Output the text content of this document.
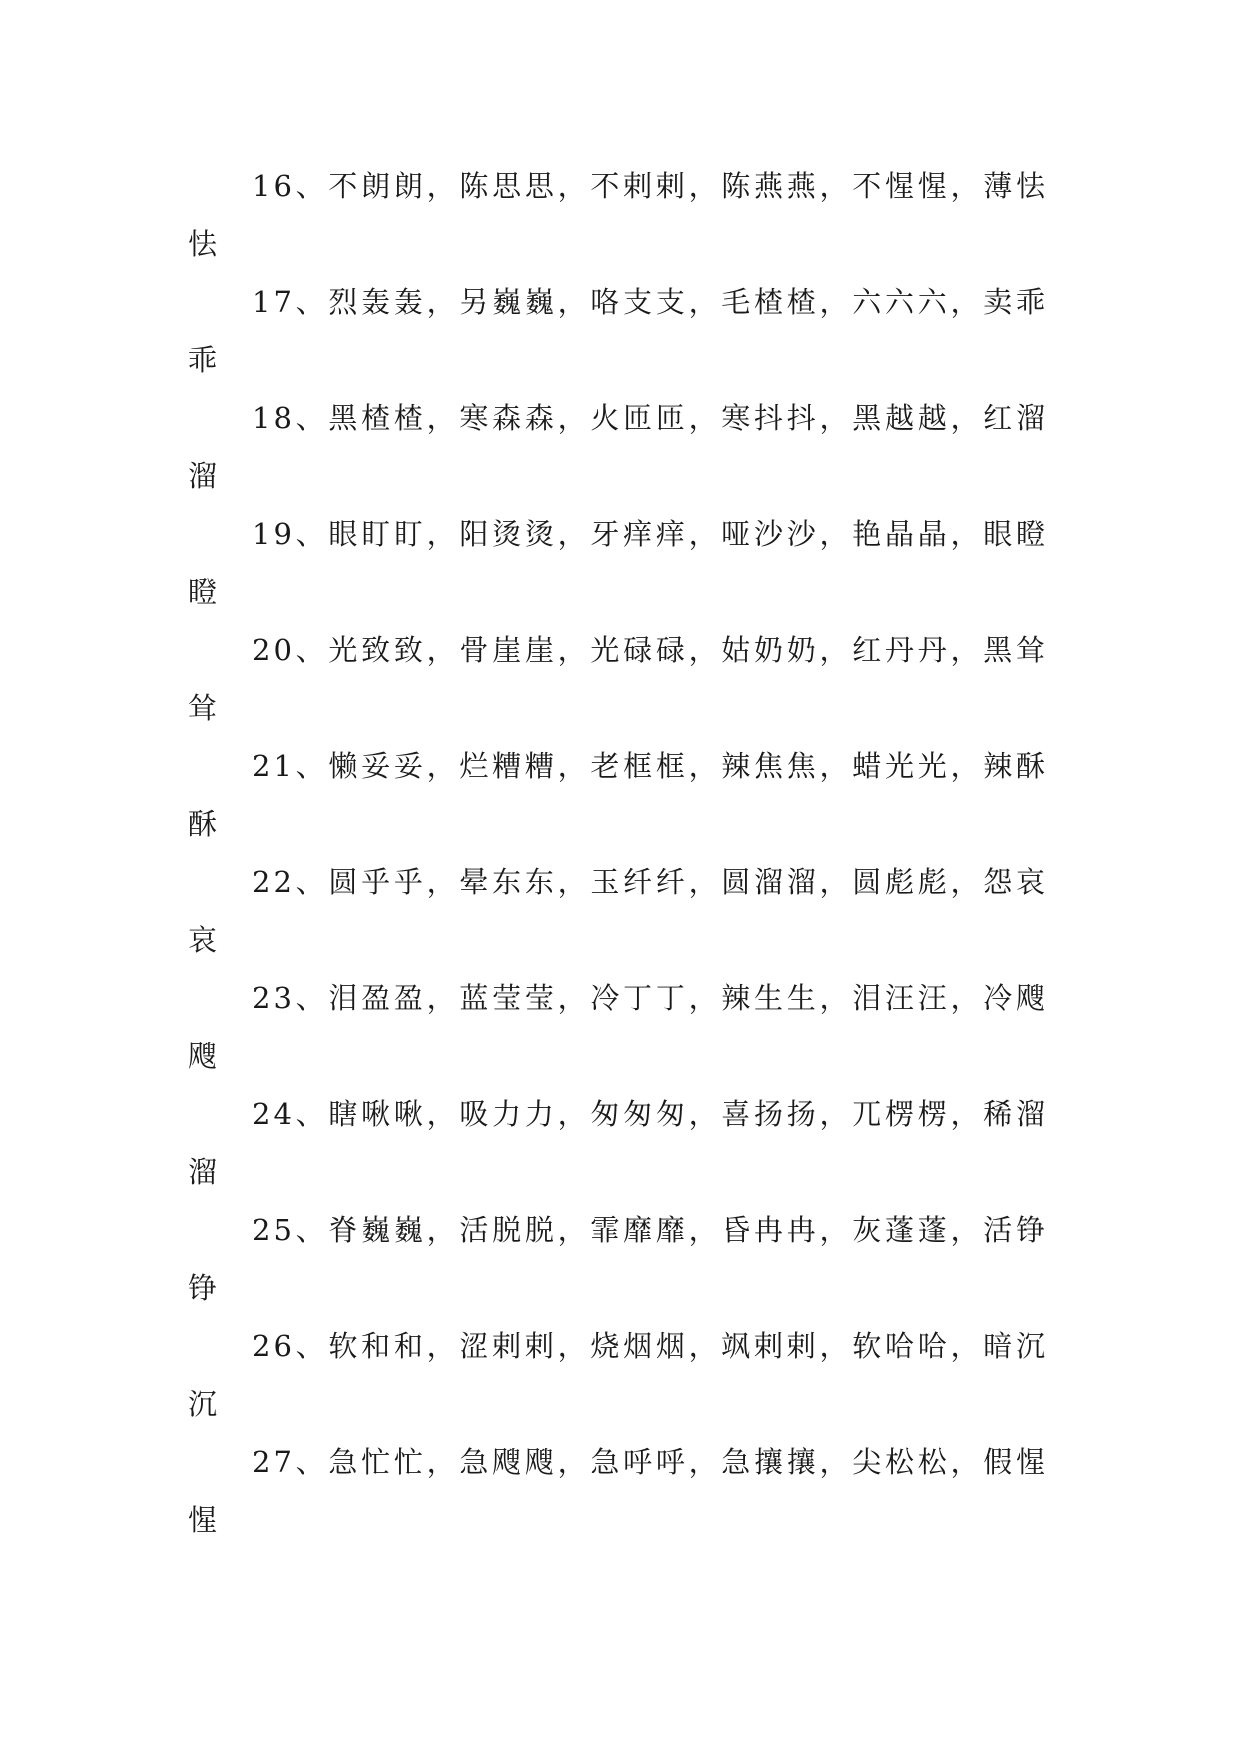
16、不朗朗，陈思思，不剌剌，陈燕燕，不惺惺，薄怯怯

17、烈轰轰，另巍巍，咯支支，毛楂楂，六六六，卖乖乖

18、黑楂楂，寒森森，火匝匝，寒抖抖，黑越越，红溜溜

19、眼盯盯，阳烫烫，牙痒痒，哑沙沙，艳晶晶，眼瞪瞪

20、光致致，骨崖崖，光碌碌，姑奶奶，红丹丹，黑耸耸

21、懒妥妥，烂糟糟，老框框，辣焦焦，蜡光光，辣酥酥

22、圆乎乎，晕东东，玉纤纤，圆溜溜，圆彪彪，怨哀哀

23、泪盈盈，蓝莹莹，冷丁丁，辣生生，泪汪汪，冷飕飕

24、瞎啾啾，吸力力，匆匆匆，喜扬扬，兀楞楞，稀溜溜

25、脊巍巍，活脱脱，霏靡靡，昏冉冉，灰蓬蓬，活铮铮

26、软和和，涩剌剌，烧烟烟，飒剌剌，软哈哈，暗沉沉

27、急忙忙，急飕飕，急呼呼，急攘攘，尖松松，假惺惺
